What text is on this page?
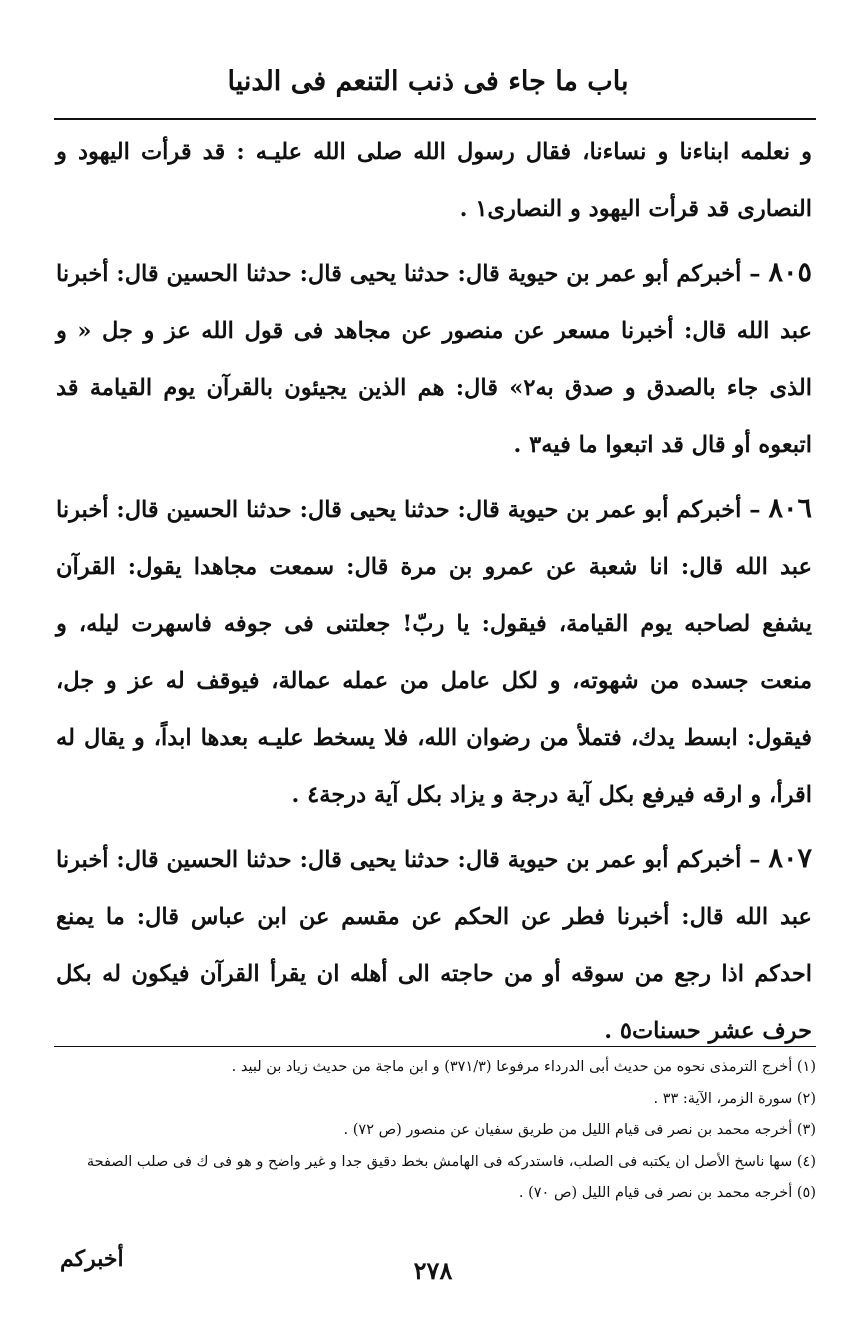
باب ما جاء فى ذنب التنعم فى الدنيا

و نعلمه ابناءنا و نساءنا، فقال رسول الله صلى الله عليـه : قد قرأت اليهود و النصارى قد قرأت اليهود و النصارى١ .

٨٠٥ – أخبركم أبو عمر بن حيوية قال: حدثنا يحيى قال: حدثنا الحسين قال: أخبرنا عبد الله قال: أخبرنا مسعر عن منصور عن مجاهد فى قول الله عز و جل « و الذى جاء بالصدق و صدق به٢» قال: هم الذين يجيئون بالقرآن يوم القيامة قد اتبعوه أو قال قد اتبعوا ما فيه٣ .

٨٠٦ – أخبركم أبو عمر بن حيوية قال: حدثنا يحيى قال: حدثنا الحسين قال: أخبرنا عبد الله قال: انا شعبة عن عمرو بن مرة قال: سمعت مجاهدا يقول: القرآن يشفع لصاحبه يوم القيامة، فيقول: يا ربّ! جعلتنى فى جوفه فاسهرت ليله، و منعت جسده من شهوته، و لكل عامل من عمله عمالة، فيوقف له عز و جل، فيقول: ابسط يدك، فتملأ من رضوان الله، فلا يسخط عليـه بعدها ابداً، و يقال له اقرأ، و ارقه فيرفع بكل آية درجة و يزاد بكل آية درجة٤ .

٨٠٧ – أخبركم أبو عمر بن حيوية قال: حدثنا يحيى قال: حدثنا الحسين قال: أخبرنا عبد الله قال: أخبرنا فطر عن الحكم عن مقسم عن ابن عباس قال: ما يمنع احدكم اذا رجع من سوقه أو من حاجته الى أهله ان يقرأ القرآن فيكون له بكل حرف عشر حسنات٥ .

(١) أخرج الترمذى نحوه من حديث أبى الدرداء مرفوعا (٣٧١/٣) و ابن ماجة من حديث زياد بن لبيد .
(٢) سورة الزمر، الآية: ٣٣ .
(٣) أخرجه محمد بن نصر فى قيام الليل من طريق سفيان عن منصور (ص ٧٢) .
(٤) سها ناسخ الأصل ان يكتبه فى الصلب، فاستدركه فى الهامش بخط دقيق جدا و غير واضح و هو فى ك فى صلب الصفحة
(٥) أخرجه محمد بن نصر فى قيام الليل (ص ٧٠) .
٢٧٨
أخبركم
